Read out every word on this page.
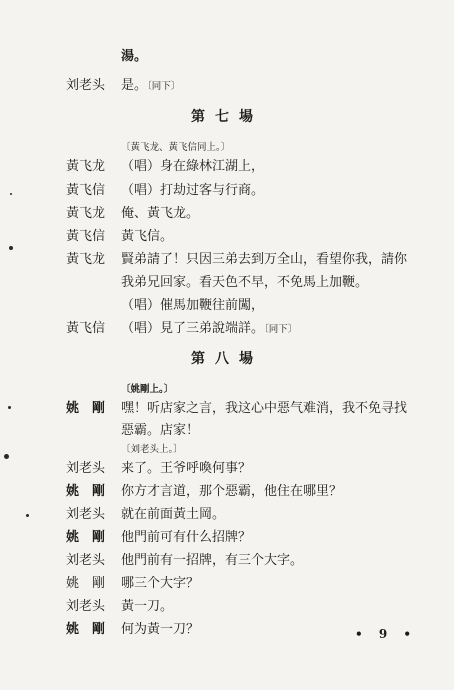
湯。
刘老头	是。〔同下〕
第七場
〔黃飞龙、黃飞信同上。〕
黃飞龙	（唱）身在綠林江湖上，
黃飞信	（唱）打劫过客与行商。
黃飞龙	俺、黃飞龙。
黃飞信	黃飞信。
黃飞龙	賢弟請了！只因三弟去到万全山，看望你我，請你
我弟兄回家。看天色不早，不免馬上加鞭。
（唱）催馬加鞭往前闖，
黃飞信	（唱）見了三弟說端詳。〔同下〕
第八場
〔姚剛上。〕
姚　剛	嘿！听店家之言，我这心中惡气难消，我不免寻找
惡霸。店家！
〔刘老头上。〕
刘老头	来了。王爷呼喚何事？
姚　剛	你方才言道，那个惡霸，他住在哪里？
刘老头	就在前面黃土岡。
姚　剛	他門前可有什么招牌？
刘老头	他門前有一招牌，有三个大字。
姚　剛	哪三个大字？
刘老头	黃一刀。
姚　剛	何为黃一刀？	• 9 •
